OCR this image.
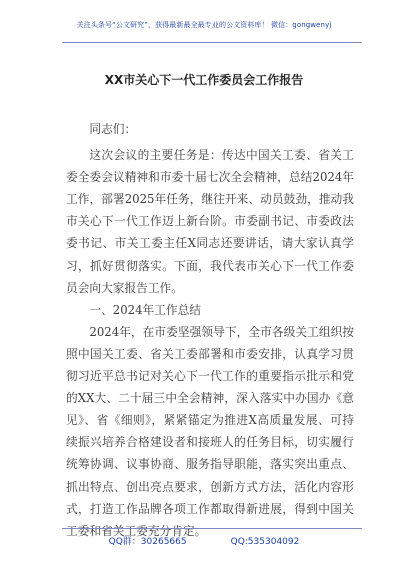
关注头条号“公文研究”，获得最新最全最专业的公文资料库！ 微信：gongwenyj
XX市关心下一代工作委员会工作报告

同志们：

这次会议的主要任务是：传达中国关工委、省关工委全委会议精神和市委十届七次全会精神，总结2024年工作，部署2025年任务，继往开来、动员鼓劲，推动我市关心下一代工作迈上新台阶。市委副书记、市委政法委书记、市关工委主任X同志还要讲话，请大家认真学习，抓好贯彻落实。下面，我代表市关心下一代工作委员会向大家报告工作。

一、2024年工作总结

2024年，在市委坚强领导下，全市各级关工组织按照中国关工委、省关工委部署和市委安排，认真学习贯彻习近平总书记对关心下一代工作的重要指示批示和党的XX大、二十届三中全会精神，深入落实中办国办《意见》、省《细则》，紧紧锚定为推进X高质量发展、可持续振兴培养合格建设者和接班人的任务目标，切实履行统筹协调、议事协商、服务指导职能，落实突出重点、抓出特点、创出亮点要求，创新方式方法，活化内容形式，打造工作品牌各项工作都取得新进展，得到中国关工委和省关工委充分肯定。

QQ群：30265665	QQ:535304092
